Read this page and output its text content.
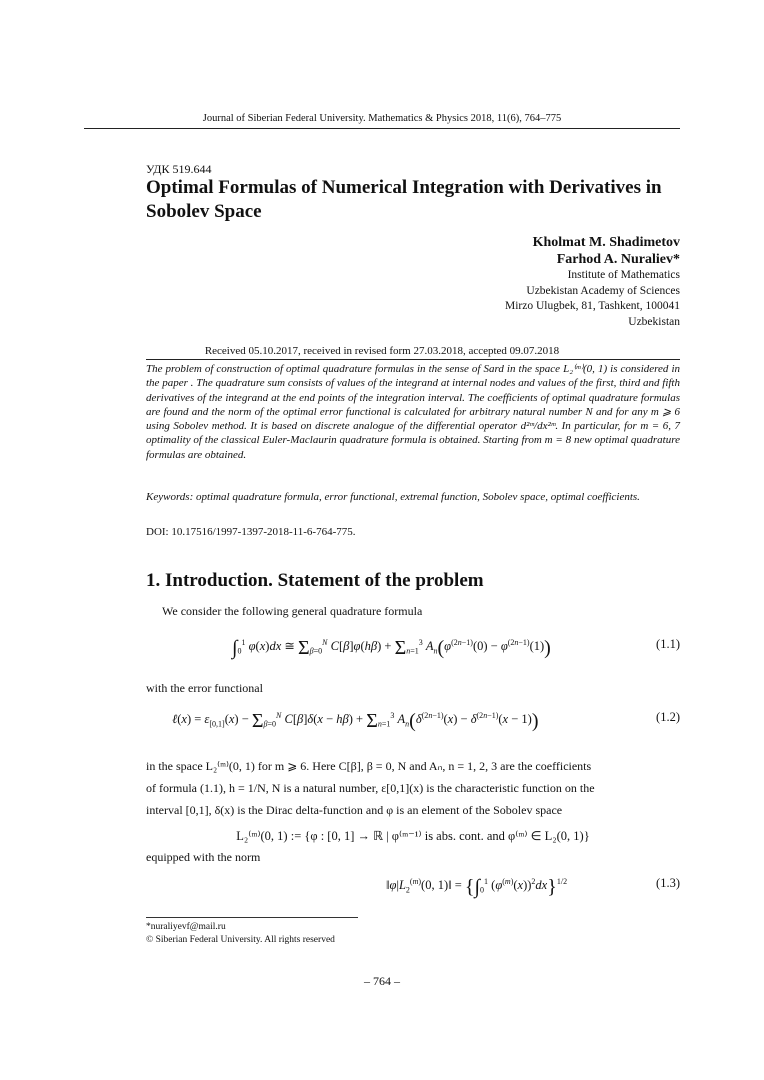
Journal of Siberian Federal University. Mathematics & Physics 2018, 11(6), 764–775
УДК 519.644
Optimal Formulas of Numerical Integration with Derivatives in Sobolev Space
Kholmat M. Shadimetov
Farhod A. Nuraliev*
Institute of Mathematics
Uzbekistan Academy of Sciences
Mirzo Ulugbek, 81, Tashkent, 100041
Uzbekistan
Received 05.10.2017, received in revised form 27.03.2018, accepted 09.07.2018
The problem of construction of optimal quadrature formulas in the sense of Sard in the space L₂⁽ᵐ⁾(0, 1) is considered in the paper . The quadrature sum consists of values of the integrand at internal nodes and values of the first, third and fifth derivatives of the integrand at the end points of the integration interval. The coefficients of optimal quadrature formulas are found and the norm of the optimal error functional is calculated for arbitrary natural number N and for any m ⩾ 6 using Sobolev method. It is based on discrete analogue of the differential operator d²ᵐ/dx²ᵐ. In particular, for m = 6, 7 optimality of the classical Euler-Maclaurin quadrature formula is obtained. Starting from m = 8 new optimal quadrature formulas are obtained.
Keywords: optimal quadrature formula, error functional, extremal function, Sobolev space, optimal coefficients.
DOI: 10.17516/1997-1397-2018-11-6-764-775.
1. Introduction. Statement of the problem
We consider the following general quadrature formula
$\int_0^1$ φ(x)dx ≅ $\Sigma_{\beta=0}^N$ $C[\beta]\varphi(h\beta) + \Sigma_{n=1}^3$ $A_n(\varphi^{(2n-1)}(0) - \varphi^{(2n-1)}(1))$	(1.1)
with the error functional
ℓ(x) = $\varepsilon_{[0,1]}(x) - \Sigma_{\beta=0}^N$ $C[\beta]\delta(x - h\beta) + \Sigma_{n=1}^3$ $A_n(\delta^{(2n-1)}(x) - \delta^{(2n-1)}(x - 1))$	(1.2)
in the space L₂⁽ᵐ⁾(0, 1) for m ⩾ 6. Here C[β], β = 0, N and Aₙ, n = 1, 2, 3 are the coefficients
of formula (1.1), h = 1/N, N is a natural number, ε[0,1](x) is the characteristic function on the
interval [0,1], δ(x) is the Dirac delta-function and φ is an element of the Sobolev space
L₂⁽ᵐ⁾(0, 1) := {φ : [0, 1] → ℝ | φ⁽ᵐ⁻¹⁾ is abs. cont. and φ⁽ᵐ⁾ ∈ L₂(0, 1)}
equipped with the norm
$‖\varphi|L_2^{(m)}(0$, 1)‖ = {$\int_0^1$ $(\varphi^{(m)}(x))^2dx\}^{1/2}$	(1.3)
*nuraliyevf@mail.ru
© Siberian Federal University. All rights reserved
– 764 –
